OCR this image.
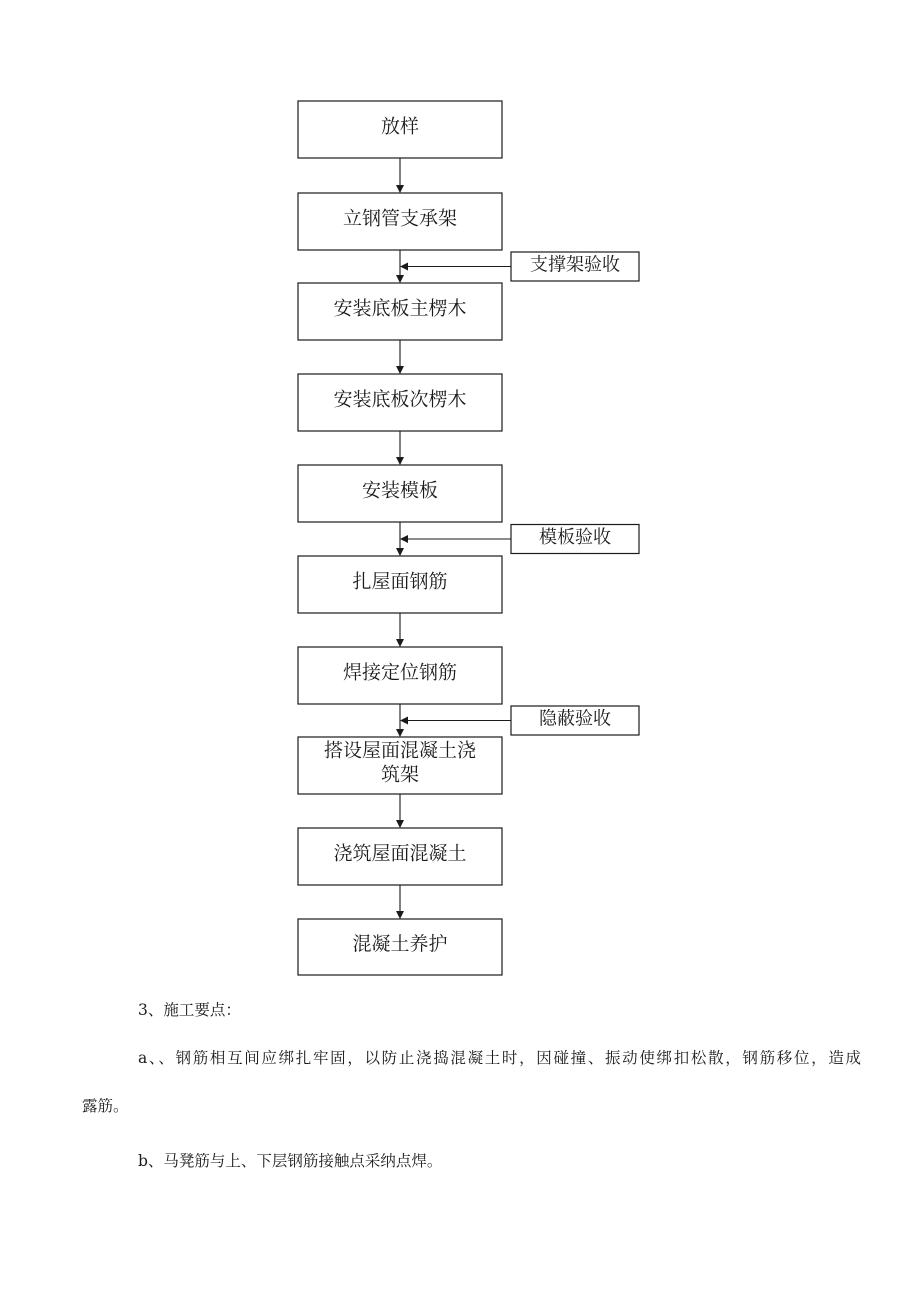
放样
立钢管支承架
安装底板主楞木
安装底板次楞木
安装模板
扎屋面钢筋
焊接定位钢筋
搭设屋面混凝土浇
筑架
浇筑屋面混凝土
混凝土养护
支撑架验收
模板验收
隐蔽验收

3、施工要点：

a、、钢筋相互间应绑扎牢固，以防止浇捣混凝土时，因碰撞、振动使绑扣松散，钢筋移位，造成

露筋。

b、马凳筋与上、下层钢筋接触点采纳点焊。
